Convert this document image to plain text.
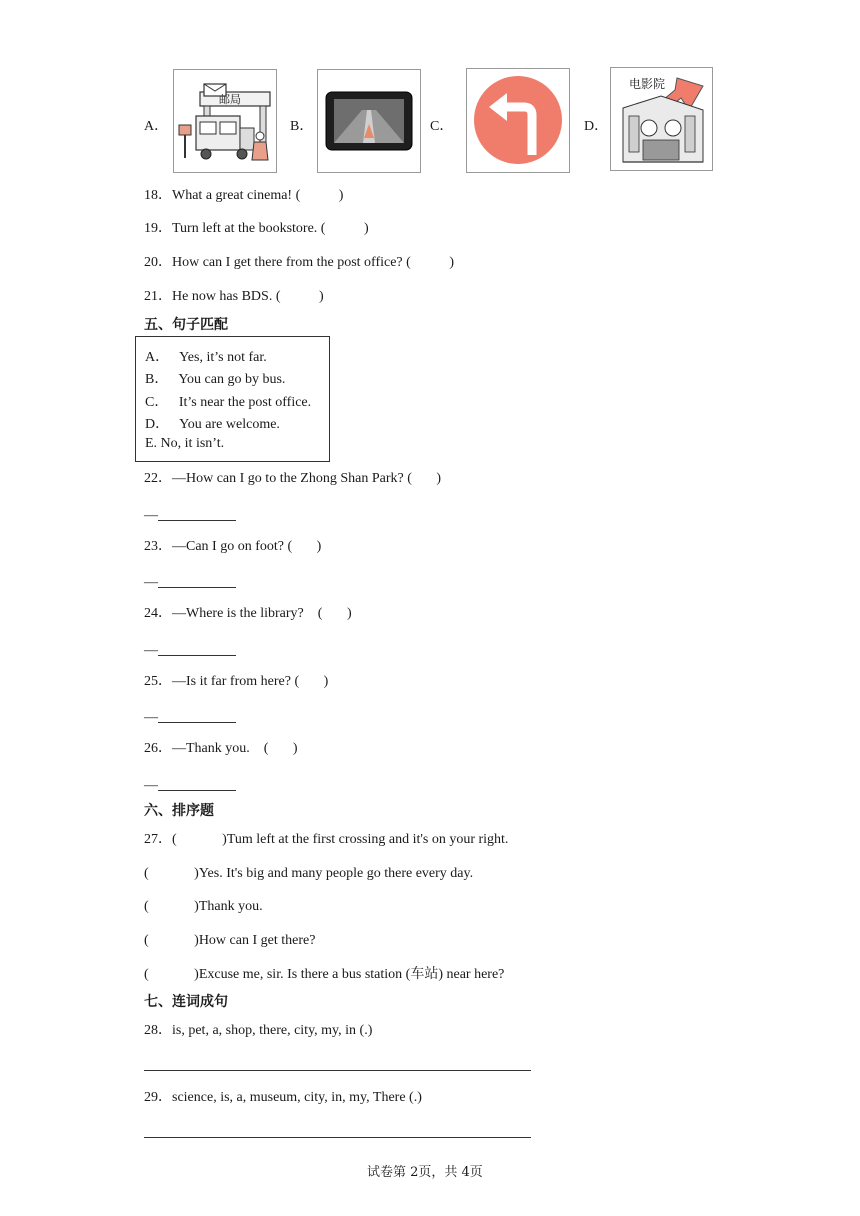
A．
邮局
B．	C．	D．
电影院
18．What a great cinema! (           )
19．Turn left at the bookstore. (           )
20．How can I get there from the post office? (           )
21．He now has BDS. (           )
五、句子匹配
A．   Yes, it’s not far.
B．   You can go by bus.
C．   It’s near the post office.
D．   You are welcome.
E. No, it isn’t.
22．—How can I go to the Zhong Shan Park? (       )
—
23．—Can I go on foot? (       )
—
24．—Where is the library?    (       )
—
25．—Is it far from here? (       )
—
26．—Thank you.    (       )
—
六、排序题
27．(             )Tum left at the first crossing and it's on your right.
(             )Yes. It's big and many people go there every day.
(             )Thank you.
(             )How can I get there?
(             )Excuse me, sir. Is there a bus station (车站) near here?
七、连词成句
28．is, pet, a, shop, there, city, my, in (.)
29．science, is, a, museum, city, in, my, There (.)
试卷第 2页，共 4页
